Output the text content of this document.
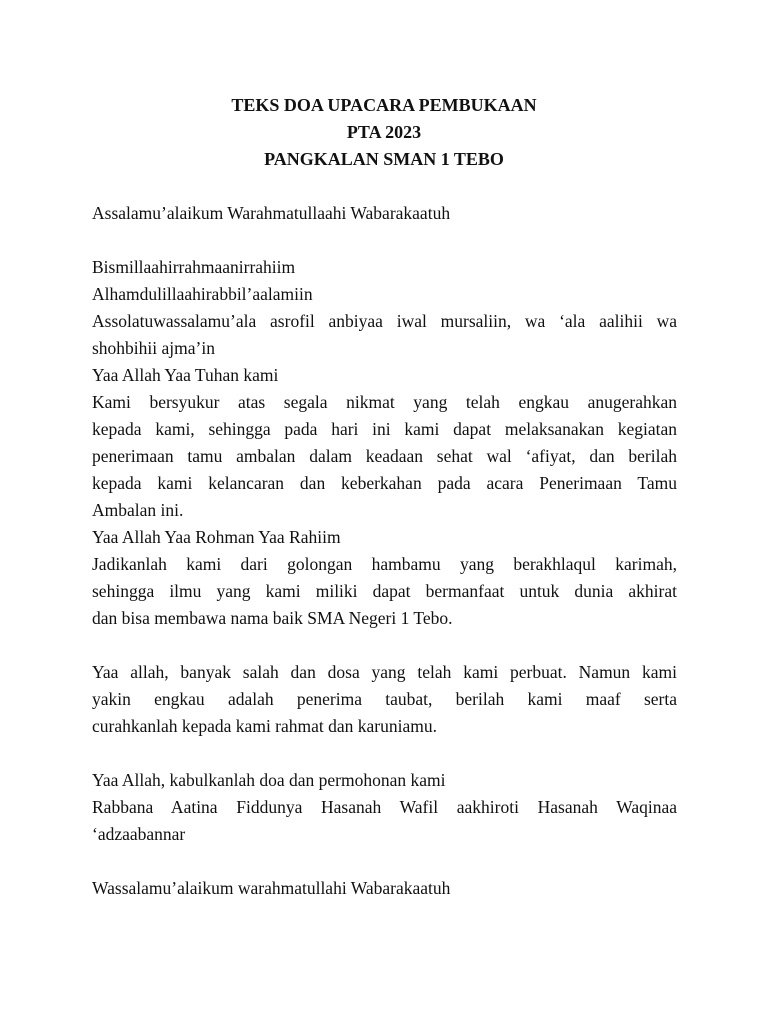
TEKS DOA UPACARA PEMBUKAAN
PTA 2023
PANGKALAN SMAN 1 TEBO
Assalamu’alaikum Warahmatullaahi Wabarakaatuh
Bismillaahirrahmaanirrahiim
Alhamdulillaahirabbil’aalamiin
Assolatuwassalamu’ala asrofil anbiyaa iwal mursaliin, wa ‘ala aalihii wa
shohbihii ajma’in
Yaa Allah Yaa Tuhan kami
Kami bersyukur atas segala nikmat yang telah engkau anugerahkan
kepada kami, sehingga pada hari ini kami dapat melaksanakan kegiatan
penerimaan tamu ambalan dalam keadaan sehat wal ‘afiyat, dan berilah
kepada kami kelancaran dan keberkahan pada acara Penerimaan Tamu
Ambalan ini.
Yaa Allah Yaa Rohman Yaa Rahiim
Jadikanlah kami dari golongan hambamu yang berakhlaqul karimah,
sehingga ilmu yang kami miliki dapat bermanfaat untuk dunia akhirat
dan bisa membawa nama baik SMA Negeri 1 Tebo.
Yaa allah, banyak salah dan dosa yang telah kami perbuat. Namun kami
yakin engkau adalah penerima taubat, berilah kami maaf serta
curahkanlah kepada kami rahmat dan karuniamu.
Yaa Allah, kabulkanlah doa dan permohonan kami
Rabbana Aatina Fiddunya Hasanah Wafil aakhiroti Hasanah Waqinaa
‘adzaabannar
Wassalamu’alaikum warahmatullahi Wabarakaatuh
